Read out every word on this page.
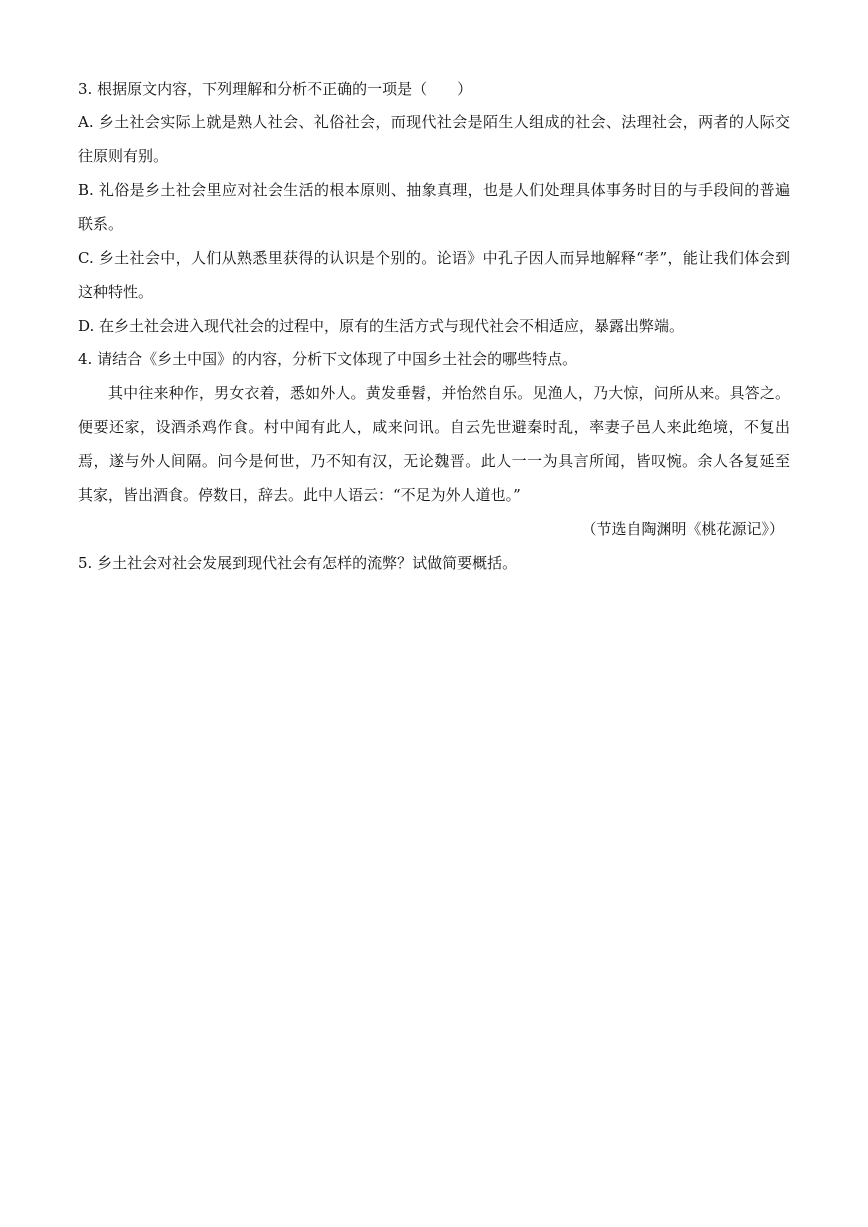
3. 根据原文内容，下列理解和分析不正确的一项是（　　）
A. 乡土社会实际上就是熟人社会、礼俗社会，而现代社会是陌生人组成的社会、法理社会，两者的人际交
往原则有别。
B. 礼俗是乡土社会里应对社会生活的根本原则、抽象真理，也是人们处理具体事务时目的与手段间的普遍
联系。
C. 乡土社会中，人们从熟悉里获得的认识是个别的。论语》中孔子因人而异地解释“孝”，能让我们体会到
这种特性。
D. 在乡土社会进入现代社会的过程中，原有的生活方式与现代社会不相适应，暴露出弊端。
4. 请结合《乡土中国》的内容，分析下文体现了中国乡土社会的哪些特点。
其中往来种作，男女衣着，悉如外人。黄发垂髫，并怡然自乐。见渔人，乃大惊，问所从来。具答之。
便要还家，设酒杀鸡作食。村中闻有此人，咸来问讯。自云先世避秦时乱，率妻子邑人来此绝境，不复出
焉，遂与外人间隔。问今是何世，乃不知有汉，无论魏晋。此人一一为具言所闻，皆叹惋。余人各复延至
其家，皆出酒食。停数日，辞去。此中人语云：“不足为外人道也。”
（节选自陶渊明《桃花源记》）
5. 乡土社会对社会发展到现代社会有怎样的流弊？试做简要概括。
